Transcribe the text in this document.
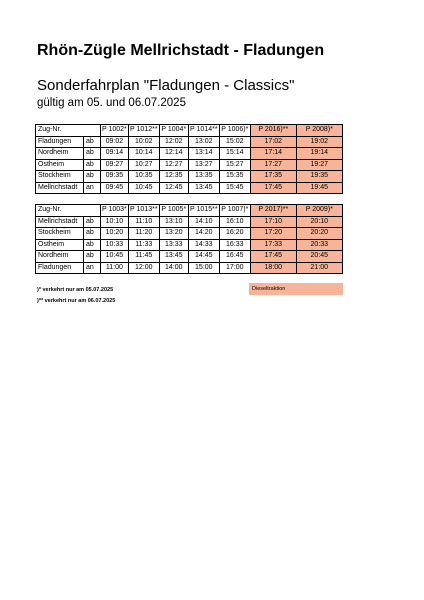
Rhön-Zügle Mellrichstadt - Fladungen
Sonderfahrplan "Fladungen - Classics"
gültig am 05. und 06.07.2025
Zug-Nr.		P 1002*	P 1012**	P 1004*	P 1014**	P 1006)*	P 2016)**	P 2008)*
Fladungen	ab	09:02	10:02	12:02	13:02	15:02	17:02	19:02
Nordheim	ab	09:14	10:14	12:14	13:14	15:14	17:14	19:14
Ostheim	ab	09:27	10:27	12:27	13:27	15:27	17:27	19:27
Stockheim	ab	09:35	10:35	12:35	13:35	15:35	17:35	19:35
Mellrichstadt	an	09:45	10:45	12:45	13:45	15:45	17:45	19:45
Zug-Nr.		P 1003*	P 1013**	P 1005*	P 1015**	P 1007)*	P 2017)**	P 2009)*
Mellrichstadt	ab	10:10	11:10	13:10	14:10	16:10	17:10	20:10
Stockheim	ab	10:20	11:20	13:20	14:20	16:20	17:20	20:20
Ostheim	ab	10:33	11:33	13:33	14:33	16:33	17:33	20:33
Nordheim	ab	10:45	11:45	13:45	14:45	16:45	17:45	20:45
Fladungen	an	11:00	12:00	14:00	15:00	17:00	18:00	21:00
)* verkehrt nur am 05.07.2025
)** verkehrt nur am 06.07.2025
Dieseltraktion
